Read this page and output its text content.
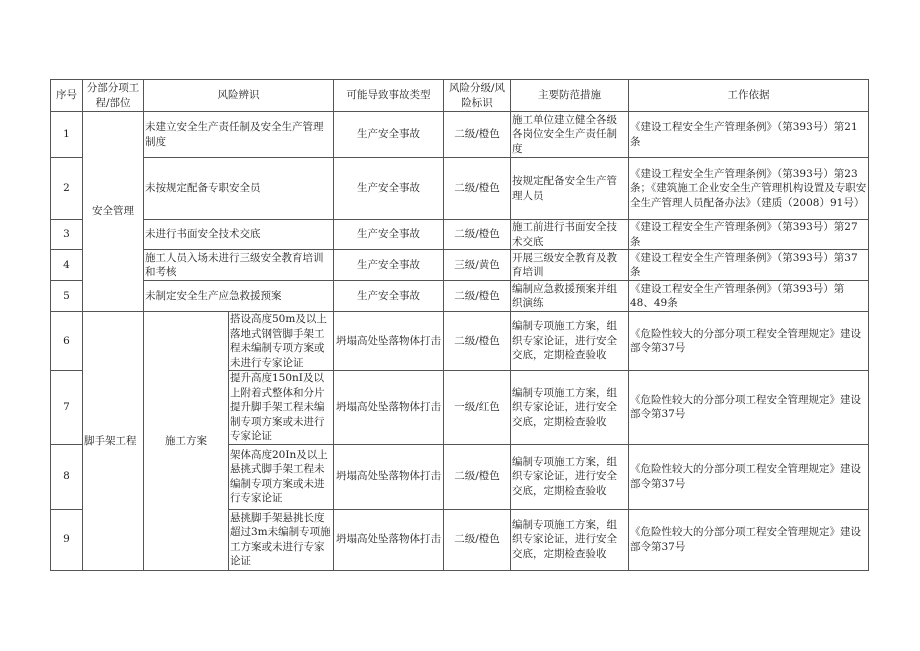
序号	分部分项工程/部位	风险辨识		可能导致事故类型	风险分级/风险标识	主要防范措施	工作依据
1	安全管理	未建立安全生产责任制及安全生产管理制度		生产安全事故	二级/橙色	施工单位建立健全各级各岗位安全生产责任制度	《建设工程安全生产管理条例》（第393号）第21条
2		未按规定配备专职安全员		生产安全事故	二级/橙色	按规定配备安全生产管理人员	《建设工程安全生产管理条例》（第393号）第23条；《建筑施工企业安全生产管理机构设置及专职安全生产管理人员配备办法》（建质（2008）91号）
3		未进行书面安全技术交底		生产安全事故	二级/橙色	施工前进行书面安全技术交底	《建设工程安全生产管理条例》（第393号）第27条
4		施工人员入场未进行三级安全教育培训和考核		生产安全事故	三级/黄色	开展三级安全教育及教育培训	《建设工程安全生产管理条例》（第393号）第37条
5		未制定安全生产应急救援预案		生产安全事故	二级/橙色	编制应急救援预案并组织演练	《建设工程安全生产管理条例》（第393号）第48、49条
6	脚手架工程	施工方案	搭设高度50m及以上落地式钢管脚手架工程未编制专项方案或未进行专家论证	坍塌高处坠落物体打击	二级/橙色	编制专项施工方案，组织专家论证，进行安全交底，定期检查验收	《危险性较大的分部分项工程安全管理规定》建设部令第37号
7			提升高度150nI及以上附着式整体和分片提升脚手架工程未编制专项方案或未进行专家论证	坍塌高处坠落物体打击	一级/红色	编制专项施工方案，组织专家论证，进行安全交底，定期检查验收	《危险性较大的分部分项工程安全管理规定》建设部令第37号
8			架体高度20In及以上悬挑式脚手架工程未编制专项方案或未进行专家论证	坍塌高处坠落物体打击	二级/橙色	编制专项施工方案，组织专家论证，进行安全交底，定期检查验收	《危险性较大的分部分项工程安全管理规定》建设部令第37号
9			悬挑脚手架悬挑长度超过3m未编制专项施工方案或未进行专家论证	坍塌高处坠落物体打击	二级/橙色	编制专项施工方案，组织专家论证，进行安全交底，定期检查验收	《危险性较大的分部分项工程安全管理规定》建设部令第37号
